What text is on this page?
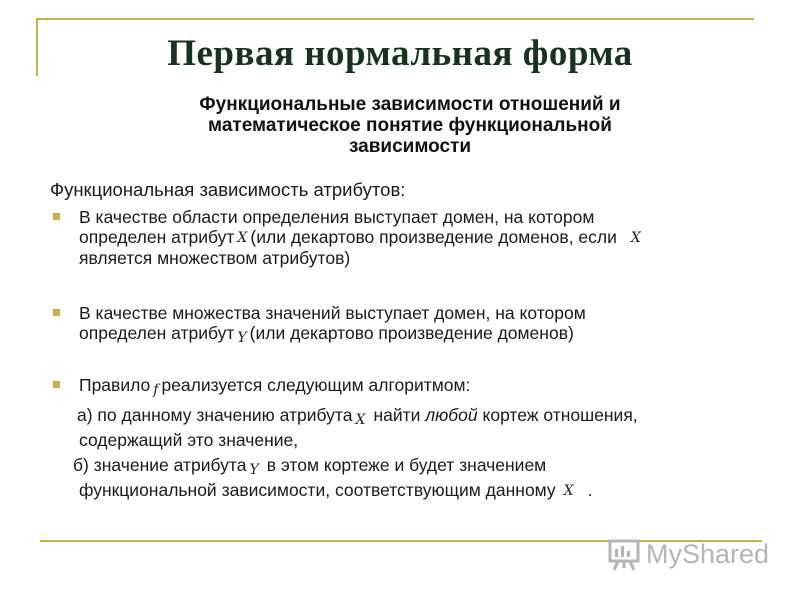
Первая нормальная форма
Функциональные зависимости отношений и
математическое понятие функциональной
зависимости
Функциональная зависимость атрибутов:
В качестве области определения выступает домен, на котором
определен атрибут X (или декартово произведение доменов, если X
является множеством атрибутов)
В качестве множества значений выступает домен, на котором
определен атрибут Y (или декартово произведение доменов)
Правило f реализуется следующим алгоритмом:
а) по данному значению атрибута X найти любой кортеж отношения,
содержащий это значение,
б) значение атрибута Y в этом кортеже и будет значением
функциональной зависимости, соответствующим данному X .
MyShared
